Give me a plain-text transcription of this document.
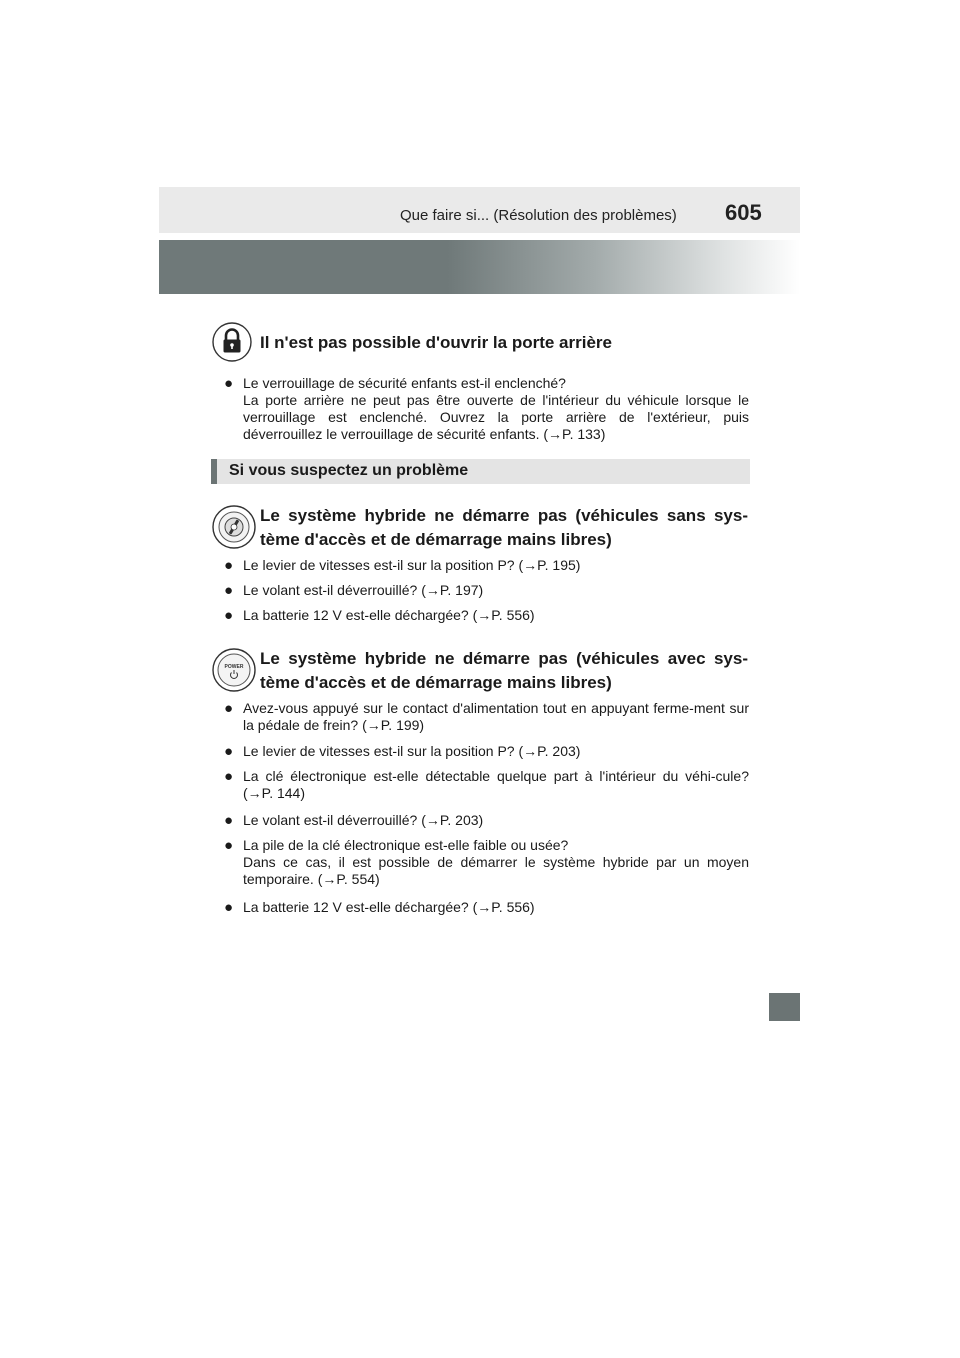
Que faire si... (Résolution des problèmes) 605
Il n'est pas possible d'ouvrir la porte arrière
● Le verrouillage de sécurité enfants est-il enclenché?
La porte arrière ne peut pas être ouverte de l'intérieur du véhicule lorsque le verrouillage est enclenché. Ouvrez la porte arrière de l'extérieur, puis déverrouillez le verrouillage de sécurité enfants. (→P. 133)
Si vous suspectez un problème
Le système hybride ne démarre pas (véhicules sans sys-tème d'accès et de démarrage mains libres)
● Le levier de vitesses est-il sur la position P? (→P. 195)
● Le volant est-il déverrouillé? (→P. 197)
● La batterie 12 V est-elle déchargée? (→P. 556)
POWER Le système hybride ne démarre pas (véhicules avec sys-tème d'accès et de démarrage mains libres)
● Avez-vous appuyé sur le contact d'alimentation tout en appuyant ferme-ment sur la pédale de frein? (→P. 199)
● Le levier de vitesses est-il sur la position P? (→P. 203)
● La clé électronique est-elle détectable quelque part à l'intérieur du véhi-cule? (→P. 144)
● Le volant est-il déverrouillé? (→P. 203)
● La pile de la clé électronique est-elle faible ou usée?
Dans ce cas, il est possible de démarrer le système hybride par un moyen temporaire. (→P. 554)
● La batterie 12 V est-elle déchargée? (→P. 556)
